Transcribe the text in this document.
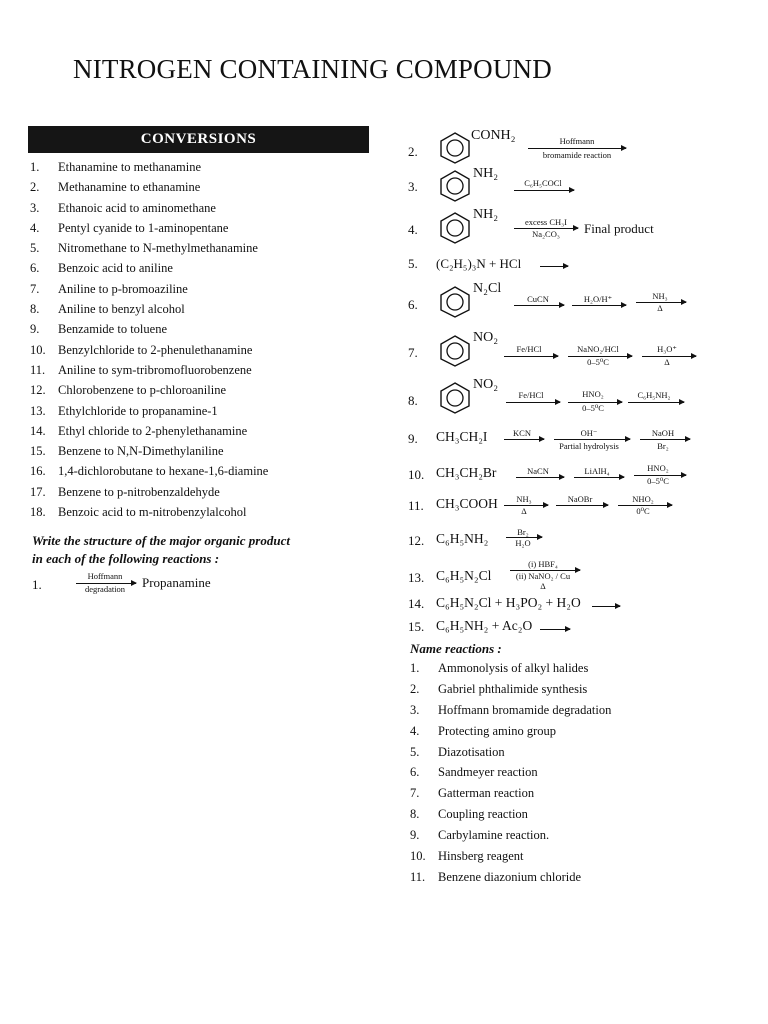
NITROGEN CONTAINING COMPOUND
CONVERSIONS
1. Ethanamine to methanamine
2. Methanamine to ethanamine
3. Ethanoic acid to aminomethane
4. Pentyl cyanide to 1-aminopentane
5. Nitromethane to N-methylmethanamine
6. Benzoic acid to aniline
7. Aniline to p-bromoaziline
8. Aniline to benzyl alcohol
9. Benzamide to toluene
10. Benzylchloride to 2-phenulethanamine
11. Aniline to sym-tribromofluorobenzene
12. Chlorobenzene to p-chloroaniline
13. Ethylchloride to propanamine-1
14. Ethyl chloride to 2-phenylethanamine
15. Benzene to N,N-Dimethylaniline
16. 1,4-dichlorobutane to hexane-1,6-diamine
17. Benzene to p-nitrobenzaldehyde
18. Benzoic acid to m-nitrobenzylalcohol
Write the structure of the major organic product
in each of the following reactions :
1.
Hoffmann
degradation	Propanamine
2.
CONH₂	Hoffmann
bromamide reaction
3.
NH₂
C₆H₅COCl
4.
NH₂	excess CH₃I
Na₂CO₃	Final product
5. (C₂H₅)₃N + HCl →
6.
N₂Cl
CuCN	H₂O/H⁺	NH₃
Δ
7.
NO₂
Fe/HCl	NaNO₂/HCl
0–5⁰C
H₃O⁺
Δ
8.
NO₂
Fe/HCl	HNO₂
0–5⁰C
C₆H₅NH₂
9. CH₃CH₂I	KCN	OH⁻
Partial hydrolysis
NaOH
Br₂
10. CH₃CH₂Br	NaCN	LiAlH₄	HNO₂
0–5⁰C
11. CH₃COOH	NH₃
Δ
NaOBr	NHO₂
0⁰C
12. C₆H₅NH₂	Br₂
H₂O
13. C₆H₅N₂Cl
(i) HBF₄
(ii) NaNO₂ / Cu
Δ
14. C₆H₅N₂Cl + H₃PO₂ + H₂O →
15. C₆H₅NH₂ + Ac₂O →
Name reactions :
1. Ammonolysis of alkyl halides
2. Gabriel phthalimide synthesis
3. Hoffmann bromamide degradation
4. Protecting amino group
5. Diazotisation
6. Sandmeyer reaction
7. Gatterman reaction
8. Coupling reaction
9. Carbylamine reaction.
10. Hinsberg reagent
11. Benzene diazonium chloride
